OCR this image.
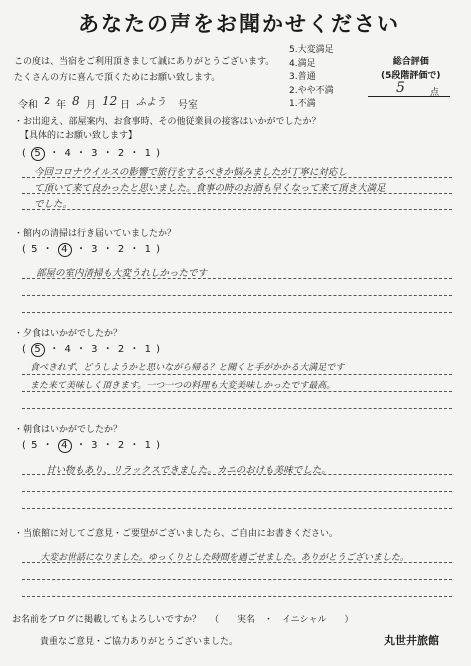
あなたの声をお聞かせください
この度は、当宿をご利用頂きまして誠にありがとうございます。
たくさんの方に喜んで頂くためにお願い致します。
5.大変満足
4.満足
3.普通
2.やや不満
1.不満
総合評価
(5段階評価で)
5	点
令和 2 年 8 月 12 日 ふよう 号室
・お出迎え、部屋案内、お食事時、その他従業員の接客はいかがでしたか？
【具体的にお願い致します】
( 5 ・ 4 ・ 3 ・ 2 ・ 1 )
今回コロナウイルスの影響で旅行をするべきか悩みましたが丁寧に対応し
て頂いて来て良かったと思いました。食事の時のお酒も早くなって来て頂き大満足
でした。
・館内の清掃は行き届いていましたか？
( 5 ・ 4 ・ 3 ・ 2 ・ 1 )
部屋の室内清掃も大変うれしかったです
・夕食はいかがでしたか？
( 5 ・ 4 ・ 3 ・ 2 ・ 1 )
食べきれず、どうしようかと思いながら帰る？と聞くと手がかかる大満足です
また来て美味しく頂きます。一つ一つの料理も大変美味しかったです最高。
・朝食はいかがでしたか？
( 5 ・ 4 ・ 3 ・ 2 ・ 1 )
甘い物もあり、リラックスできました。カニのおけも美味でした。
・当旅館に対してご意見・ご要望がございましたら、ご自由にお書きください。
大変お世話になりました。ゆっくりとした時間を過ごせました。ありがとうございました。
お名前をブログに掲載してもよろしいですか？ （　　実名　・　イニシャル　　）
貴重なご意見・ご協力ありがとうございました。	丸世井旅館
